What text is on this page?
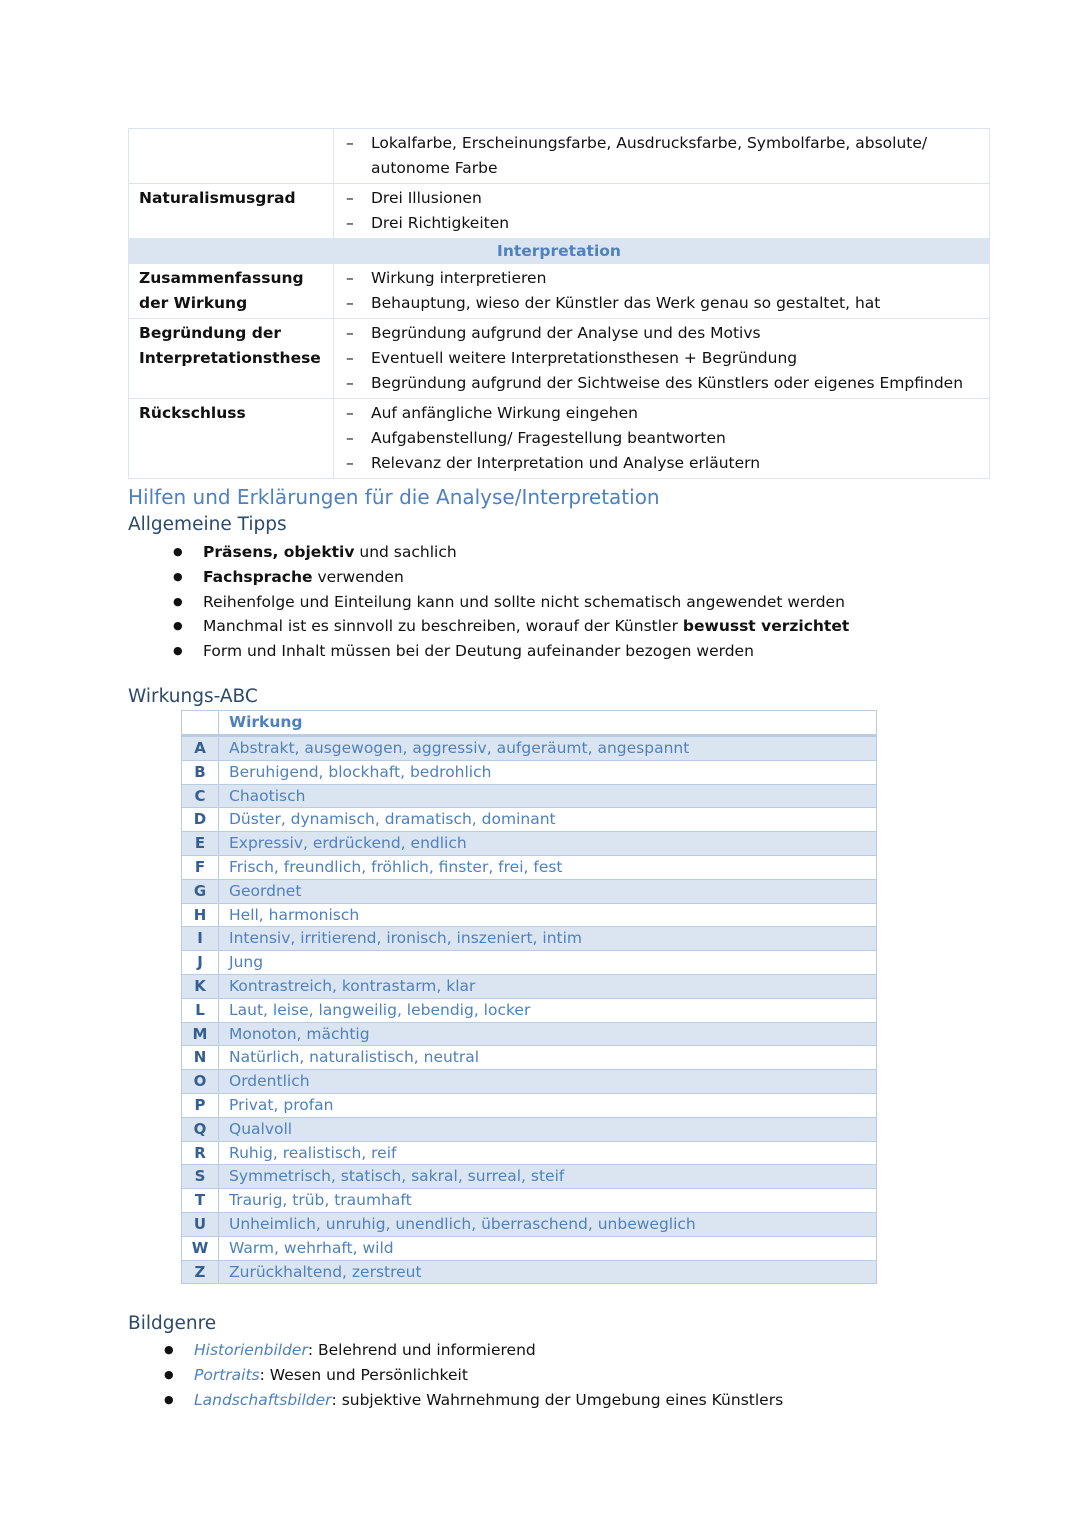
–	Lokalfarbe, Erscheinungsfarbe, Ausdrucksfarbe, Symbolfarbe, absolute/ autonome Farbe
Naturalismusgrad	–	Drei Illusionen
–	Drei Richtigkeiten
Interpretation
Zusammenfassung der Wirkung
–	Wirkung interpretieren
–	Behauptung, wieso der Künstler das Werk genau so gestaltet, hat
Begründung der Interpretationsthese
–	Begründung aufgrund der Analyse und des Motivs
–	Eventuell weitere Interpretationsthesen + Begründung
–	Begründung aufgrund der Sichtweise des Künstlers oder eigenes Empfinden
Rückschluss	–	Auf anfängliche Wirkung eingehen
–	Aufgabenstellung/ Fragestellung beantworten
–	Relevanz der Interpretation und Analyse erläutern
Hilfen und Erklärungen für die Analyse/Interpretation
Allgemeine Tipps
● Präsens, objektiv und sachlich
● Fachsprache verwenden
● Reihenfolge und Einteilung kann und sollte nicht schematisch angewendet werden
● Manchmal ist es sinnvoll zu beschreiben, worauf der Künstler bewusst verzichtet
● Form und Inhalt müssen bei der Deutung aufeinander bezogen werden
Wirkungs-ABC
Wirkung
A	Abstrakt, ausgewogen, aggressiv, aufgeräumt, angespannt
B	Beruhigend, blockhaft, bedrohlich
C	Chaotisch
D	Düster, dynamisch, dramatisch, dominant
E	Expressiv, erdrückend, endlich
F	Frisch, freundlich, fröhlich, finster, frei, fest
G	Geordnet
H	Hell, harmonisch
I	Intensiv, irritierend, ironisch, inszeniert, intim
J	Jung
K	Kontrastreich, kontrastarm, klar
L	Laut, leise, langweilig, lebendig, locker
M	Monoton, mächtig
N	Natürlich, naturalistisch, neutral
O	Ordentlich
P	Privat, profan
Q	Qualvoll
R	Ruhig, realistisch, reif
S	Symmetrisch, statisch, sakral, surreal, steif
T	Traurig, trüb, traumhaft
U	Unheimlich, unruhig, unendlich, überraschend, unbeweglich
W	Warm, wehrhaft, wild
Z	Zurückhaltend, zerstreut
Bildgenre
● Historienbilder: Belehrend und informierend
● Portraits: Wesen und Persönlichkeit
● Landschaftsbilder: subjektive Wahrnehmung der Umgebung eines Künstlers
